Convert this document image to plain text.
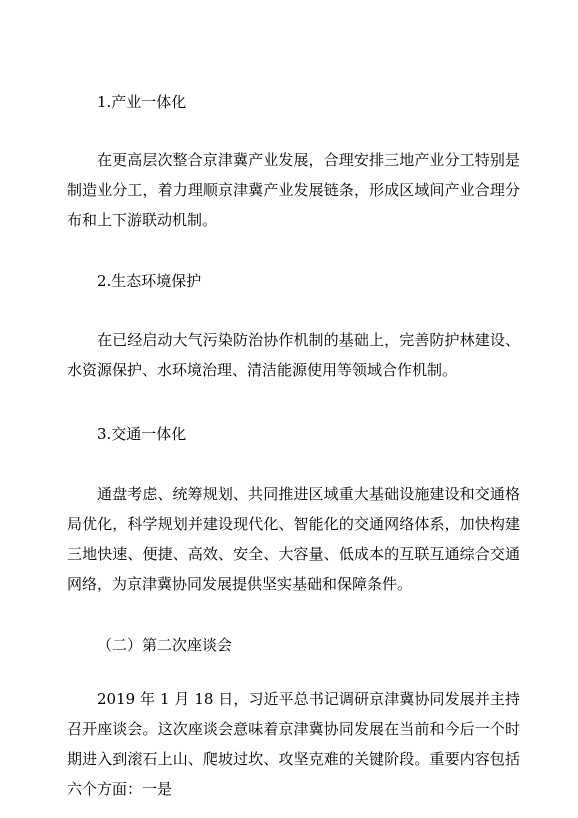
1.产业一体化

在更高层次整合京津冀产业发展，合理安排三地产业分工特别是制造业分工，着力理顺京津冀产业发展链条，形成区域间产业合理分布和上下游联动机制。

2.生态环境保护

在已经启动大气污染防治协作机制的基础上，完善防护林建设、水资源保护、水环境治理、清洁能源使用等领域合作机制。

3.交通一体化

通盘考虑、统筹规划、共同推进区域重大基础设施建设和交通格局优化，科学规划并建设现代化、智能化的交通网络体系，加快构建三地快速、便捷、高效、安全、大容量、低成本的互联互通综合交通网络，为京津冀协同发展提供坚实基础和保障条件。

（二）第二次座谈会

2019 年 1 月 18 日，习近平总书记调研京津冀协同发展并主持召开座谈会。这次座谈会意味着京津冀协同发展在当前和今后一个时期进入到滚石上山、爬坡过坎、攻坚克难的关键阶段。重要内容包括六个方面：一是
